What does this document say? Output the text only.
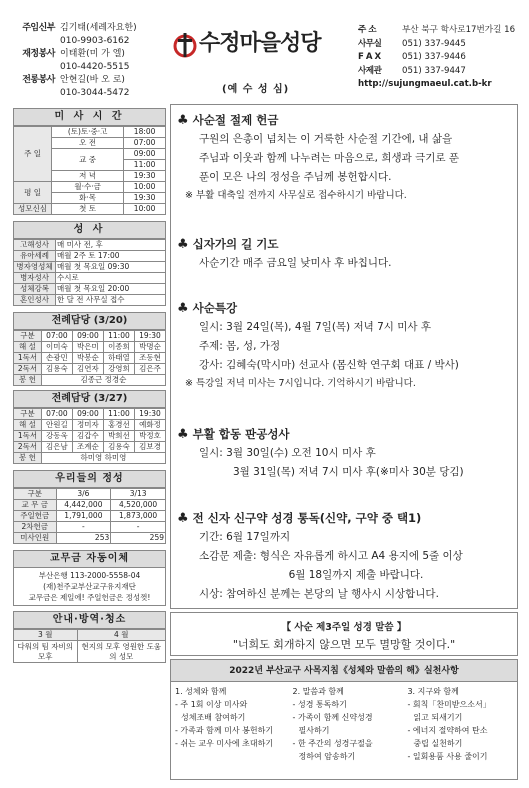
주임신부 김기태(세례자요한)
010-9903-6162
재정봉사 이태환(미 가 엘)
010-4420-5515
전롱봉사 안현길(바 오 로)
010-3044-5472
수정마을성당
(예 수 성 심)
주 소	부산 북구 학사로17번가길 16
사무실	051) 337-9445
F A X	051) 337-9446
사제관	051) 337-9447
http://sujungmaeul.cat.b-kr
미 사 시 간
주 일	(토)토·중·고	18:00
	오 전	07:00
	교 중	09:00
		11:00
	저 녁	19:30
평 일	월·수·금	10:00
	화·목	19:30
성모신심	첫 토	10:00
성 사
고해성사	매 미사 전, 후
유아세례	매월 2주 토 17:00
병자영성체	매월 첫 목요일 09:30
병자성사	수시로
성체강복	매월 첫 목요일 20:00
혼인성사	한 달 전 사무실 접수
전례담당 (3/20)
구분	07:00	09:00	11:00	19:30
해 설	이미숙	박은미	이종희	박명순
1독서	손광민	박봉순	하태열	조동현
2독서	김용숙	김연자	강영희	김은주
봉 헌	김종근 정경순			
전례담당 (3/27)
구분	07:00	09:00	11:00	19:30
해 설	안원길	정미자	홍경선	예화정
1독서	강동욱	김갑수	박희선	박정호
2독서	김은남	조계순	김용숙	김보경
봉 헌	하미영 하미영			
우리들의 정성
구분	3/6	3/13
교 무 금	4,442,000	4,520,000
주일헌금	1,791,000	1,873,000
2차헌금	-	-
미사인원	253	259
교무금 자동이체
부산은행 113-2000-5558-04
(재)천주교부산교구유지재단
교무금은 제일에! 주일헌금은 정성껏!
안내·방역·청소
3 월	4 월
다워의 팀 자비의 모후	현지의 모후 영원한 도움의 성모
♣ 사순절 절제 헌금
구원의 은총이 넘치는 이 거룩한 사순절 기간에, 내 삶을
주님과 이웃과 함께 나누려는 마음으로, 희생과 극기로 푼
푼이 모은 나의 정성을 주님께 봉헌합시다.
※ 부활 대축일 전까지 사무실로 접수하시기 바랍니다.
♣ 십자가의 길 기도
사순기간 매주 금요일 낮미사 후 바칩니다.
♣ 사순특강
일시: 3월 24일(목), 4월 7일(목) 저녁 7시 미사 후
주제: 몸, 성, 가정
강사: 김혜숙(막시마) 선교사 (몸신학 연구회 대표 / 박사)
※ 특강일 저녁 미사는 7시입니다. 기억하시기 바랍니다.
♣ 부활 합동 판공성사
일시: 3월 30일(수) 오전 10시 미사 후
3월 31일(목) 저녁 7시 미사 후(※미사 30분 당김)
♣ 전 신자 신구약 성경 통독(신약, 구약 중 택1)
기간: 6월 17일까지
소감문 제출: 형식은 자유롭게 하시고 A4 용지에 5줄 이상
6월 18일까지 제출 바랍니다.
시상: 참여하신 분께는 본당의 날 행사시 시상합니다.
【 사순 제3주일 성경 말씀 】
"너희도 회개하지 않으면 모두 멸망할 것이다."
2022년 부산교구 사목지침《성체와 말씀의 해》실천사항
1. 성체와 함께
- 주 1회 이상 미사와
성체조배 참여하기
- 가족과 함께 미사 봉헌하기
- 쉬는 교우 미사에 초대하기
2. 말씀과 함께
- 성경 통독하기
- 가족이 함께 신약성경
필사하기
- 한 주간의 성경구절을
정하여 암송하기
3. 지구와 함께
- 회칙「찬미받으소서」
읽고 되새기기
- 에너지 절약하여 탄소
중립 실천하기
- 일회용품 사용 줄이기
